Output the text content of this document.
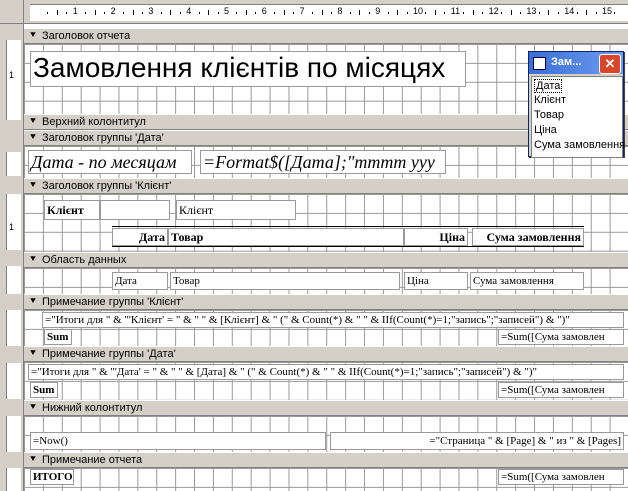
1	2	3	4	5	6	7	8	9	10	11	12	13	14	15
1
1
⯆ Заголовок отчета
Замовлення клієнтів по місяцях
⯆ Верхний колонтитул
⯆ Заголовок группы 'Дата'
Дата - по месяцам	=Format$([Дата];"mmmm yyy
⯆ Заголовок группы 'Клієнт'
Клієнт	Клієнт
Дата Товар	Ціна	Сума замовлення
⯆ Область данных
Дата	Товар	Ціна	Сума замовлення
⯆ Примечание группы 'Клієнт'
="Итоги для " & "'Клієнт' = " & " " & [Клієнт] & " (" & Count(*) & " " & IIf(Count(*)=1;"запись";"записей") & ")"
Sum	=Sum([Сума замовлен
⯆ Примечание группы 'Дата'
="Итоги для " & "'Дата' = " & " " & [Дата] & " (" & Count(*) & " " & IIf(Count(*)=1;"запись";"записей") & ")"
Sum	=Sum([Сума замовлен
⯆ Нижний колонтитул
=Now()	="Страница " & [Page] & " из " & [Pages]
⯆ Примечание отчета
ИТОГО	=Sum([Сума замовлен
Зам...	✕
Дата
Клієнт
Товар
Ціна
Сума замовлення
